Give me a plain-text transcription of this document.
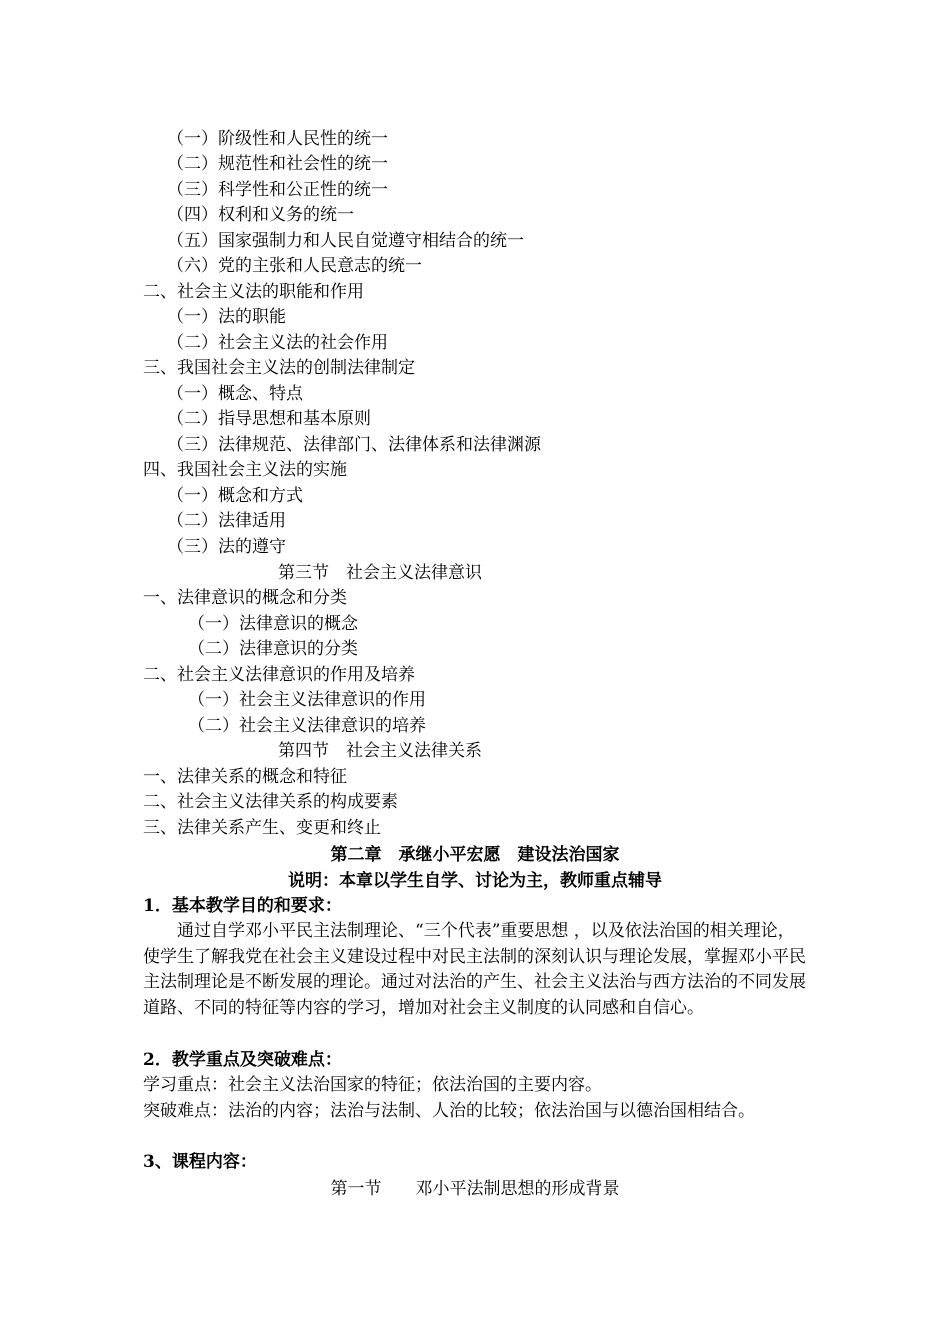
（一）阶级性和人民性的统一

（二）规范性和社会性的统一

（三）科学性和公正性的统一

（四）权利和义务的统一

（五）国家强制力和人民自觉遵守相结合的统一

（六）党的主张和人民意志的统一

二、社会主义法的职能和作用

（一）法的职能

（二）社会主义法的社会作用

三、我国社会主义法的创制法律制定

（一）概念、特点

（二）指导思想和基本原则

（三）法律规范、法律部门、法律体系和法律渊源

四、我国社会主义法的实施

（一）概念和方式

（二）法律适用

（三）法的遵守

第三节　社会主义法律意识

一、法律意识的概念和分类

（一）法律意识的概念

（二）法律意识的分类

二、社会主义法律意识的作用及培养

（一）社会主义法律意识的作用

（二）社会主义法律意识的培养

第四节　社会主义法律关系

一、法律关系的概念和特征

二、社会主义法律关系的构成要素

三、法律关系产生、变更和终止

第二章　承继小平宏愿　建设法治国家

说明：本章以学生自学、讨论为主，教师重点辅导

1．基本教学目的和要求：

通过自学邓小平民主法制理论、“三个代表”重要思想 ，以及依法治国的相关理论，使学生了解我党在社会主义建设过程中对民主法制的深刻认识与理论发展，掌握邓小平民主法制理论是不断发展的理论。通过对法治的产生、社会主义法治与西方法治的不同发展道路、不同的特征等内容的学习，增加对社会主义制度的认同感和自信心。

2．教学重点及突破难点：

学习重点：社会主义法治国家的特征；依法治国的主要内容。

突破难点：法治的内容；法治与法制、人治的比较；依法治国与以德治国相结合。

3、课程内容：

第一节　　邓小平法制思想的形成背景
